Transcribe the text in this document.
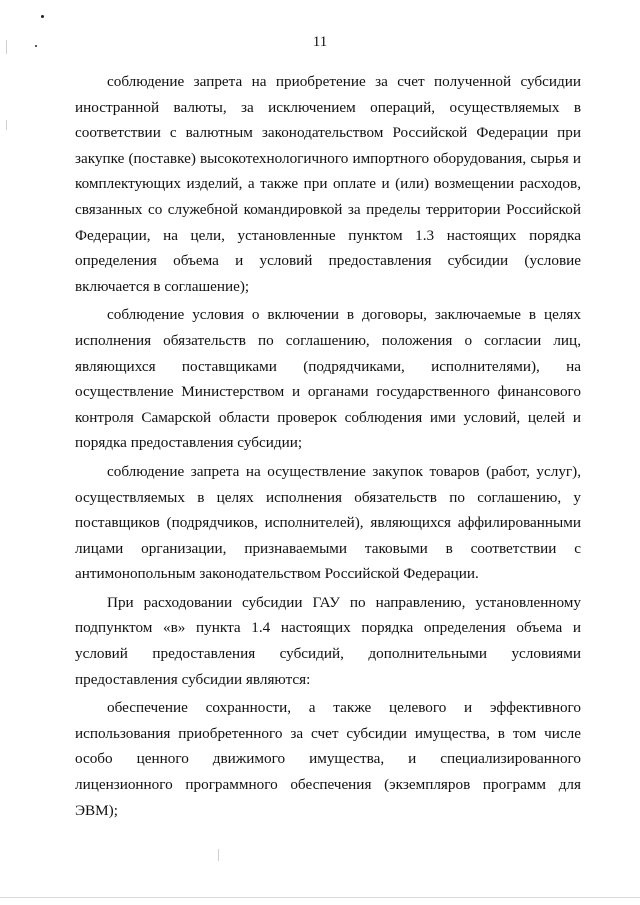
11

соблюдение запрета на приобретение за счет полученной субсидии иностранной валюты, за исключением операций, осуществляемых в соответствии с валютным законодательством Российской Федерации при закупке (поставке) высокотехнологичного импортного оборудования, сырья и комплектующих изделий, а также при оплате и (или) возмещении расходов, связанных со служебной командировкой за пределы территории Российской Федерации, на цели, установленные пунктом 1.3 настоящих порядка определения объема и условий предоставления субсидии (условие включается в соглашение);

соблюдение условия о включении в договоры, заключаемые в целях исполнения обязательств по соглашению, положения о согласии лиц, являющихся поставщиками (подрядчиками, исполнителями), на осуществление Министерством и органами государственного финансового контроля Самарской области проверок соблюдения ими условий, целей и порядка предоставления субсидии;

соблюдение запрета на осуществление закупок товаров (работ, услуг), осуществляемых в целях исполнения обязательств по соглашению, у поставщиков (подрядчиков, исполнителей), являющихся аффилированными лицами организации, признаваемыми таковыми в соответствии с антимонопольным законодательством Российской Федерации.

При расходовании субсидии ГАУ по направлению, установленному подпунктом «в» пункта 1.4 настоящих порядка определения объема и условий предоставления субсидий, дополнительными условиями предоставления субсидии являются:

обеспечение сохранности, а также целевого и эффективного использования приобретенного за счет субсидии имущества, в том числе особо ценного движимого имущества, и специализированного лицензионного программного обеспечения (экземпляров программ для ЭВМ);
